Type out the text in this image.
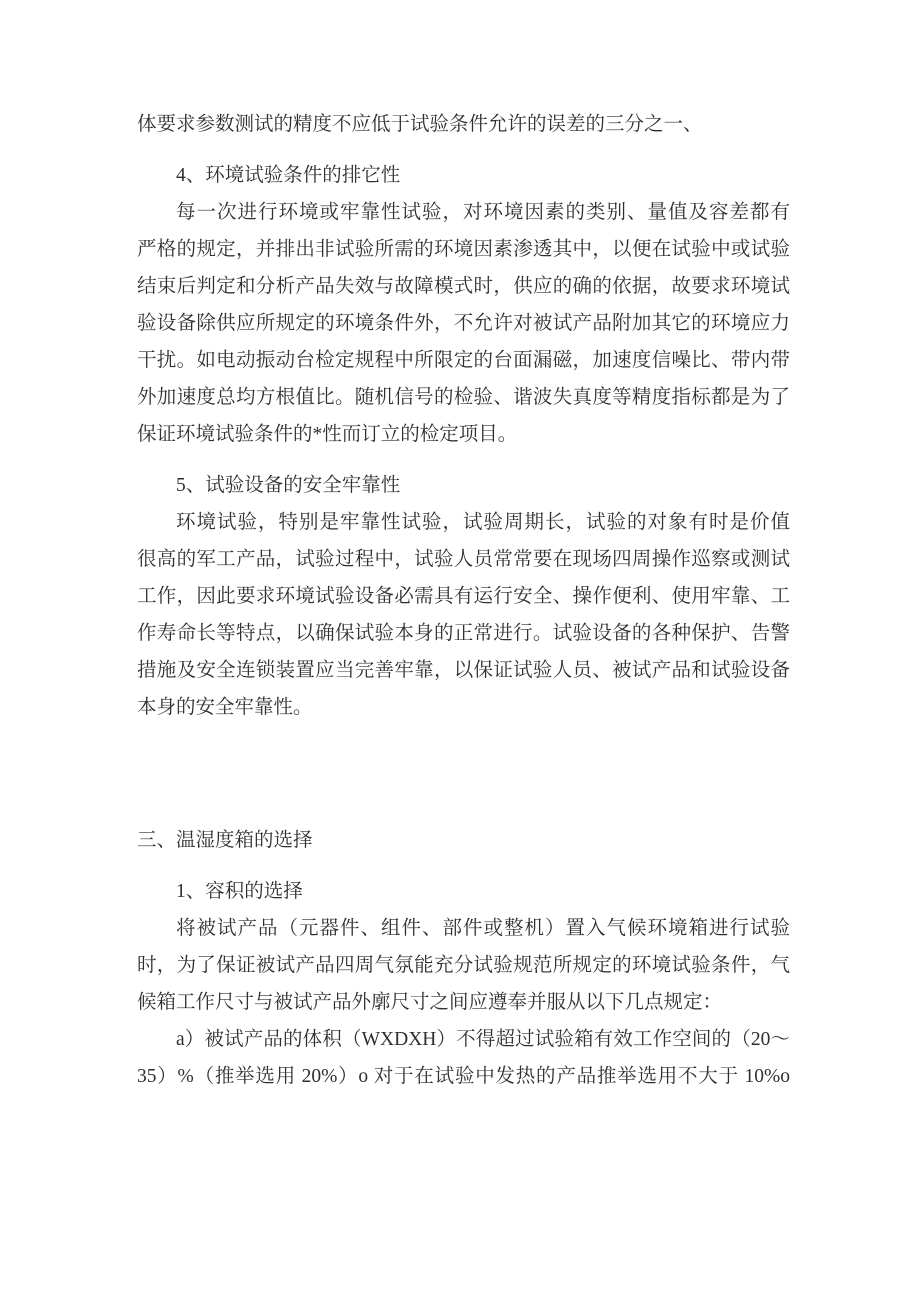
体要求参数测试的精度不应低于试验条件允许的误差的三分之一、

4、环境试验条件的排它性

每一次进行环境或牢靠性试验，对环境因素的类别、量值及容差都有

严格的规定，并排出非试验所需的环境因素渗透其中，以便在试验中或试验

结束后判定和分析产品失效与故障模式时，供应的确的依据，故要求环境试

验设备除供应所规定的环境条件外，不允许对被试产品附加其它的环境应力

干扰。如电动振动台检定规程中所限定的台面漏磁，加速度信噪比、带内带

外加速度总均方根值比。随机信号的检验、谐波失真度等精度指标都是为了

保证环境试验条件的*性而订立的检定项目。

5、试验设备的安全牢靠性

环境试验，特别是牢靠性试验，试验周期长，试验的对象有时是价值

很高的军工产品，试验过程中，试验人员常常要在现场四周操作巡察或测试

工作，因此要求环境试验设备必需具有运行安全、操作便利、使用牢靠、工

作寿命长等特点，以确保试验本身的正常进行。试验设备的各种保护、告警

措施及安全连锁装置应当完善牢靠，以保证试验人员、被试产品和试验设备

本身的安全牢靠性。

三、温湿度箱的选择

1、容积的选择

将被试产品（元器件、组件、部件或整机）置入气候环境箱进行试验

时，为了保证被试产品四周气氛能充分试验规范所规定的环境试验条件，气

候箱工作尺寸与被试产品外廓尺寸之间应遵奉并服从以下几点规定：

a）被试产品的体积（WXDXH）不得超过试验箱有效工作空间的（20～

35）%（推举选用 20%）o 对于在试验中发热的产品推举选用不大于 10%o
